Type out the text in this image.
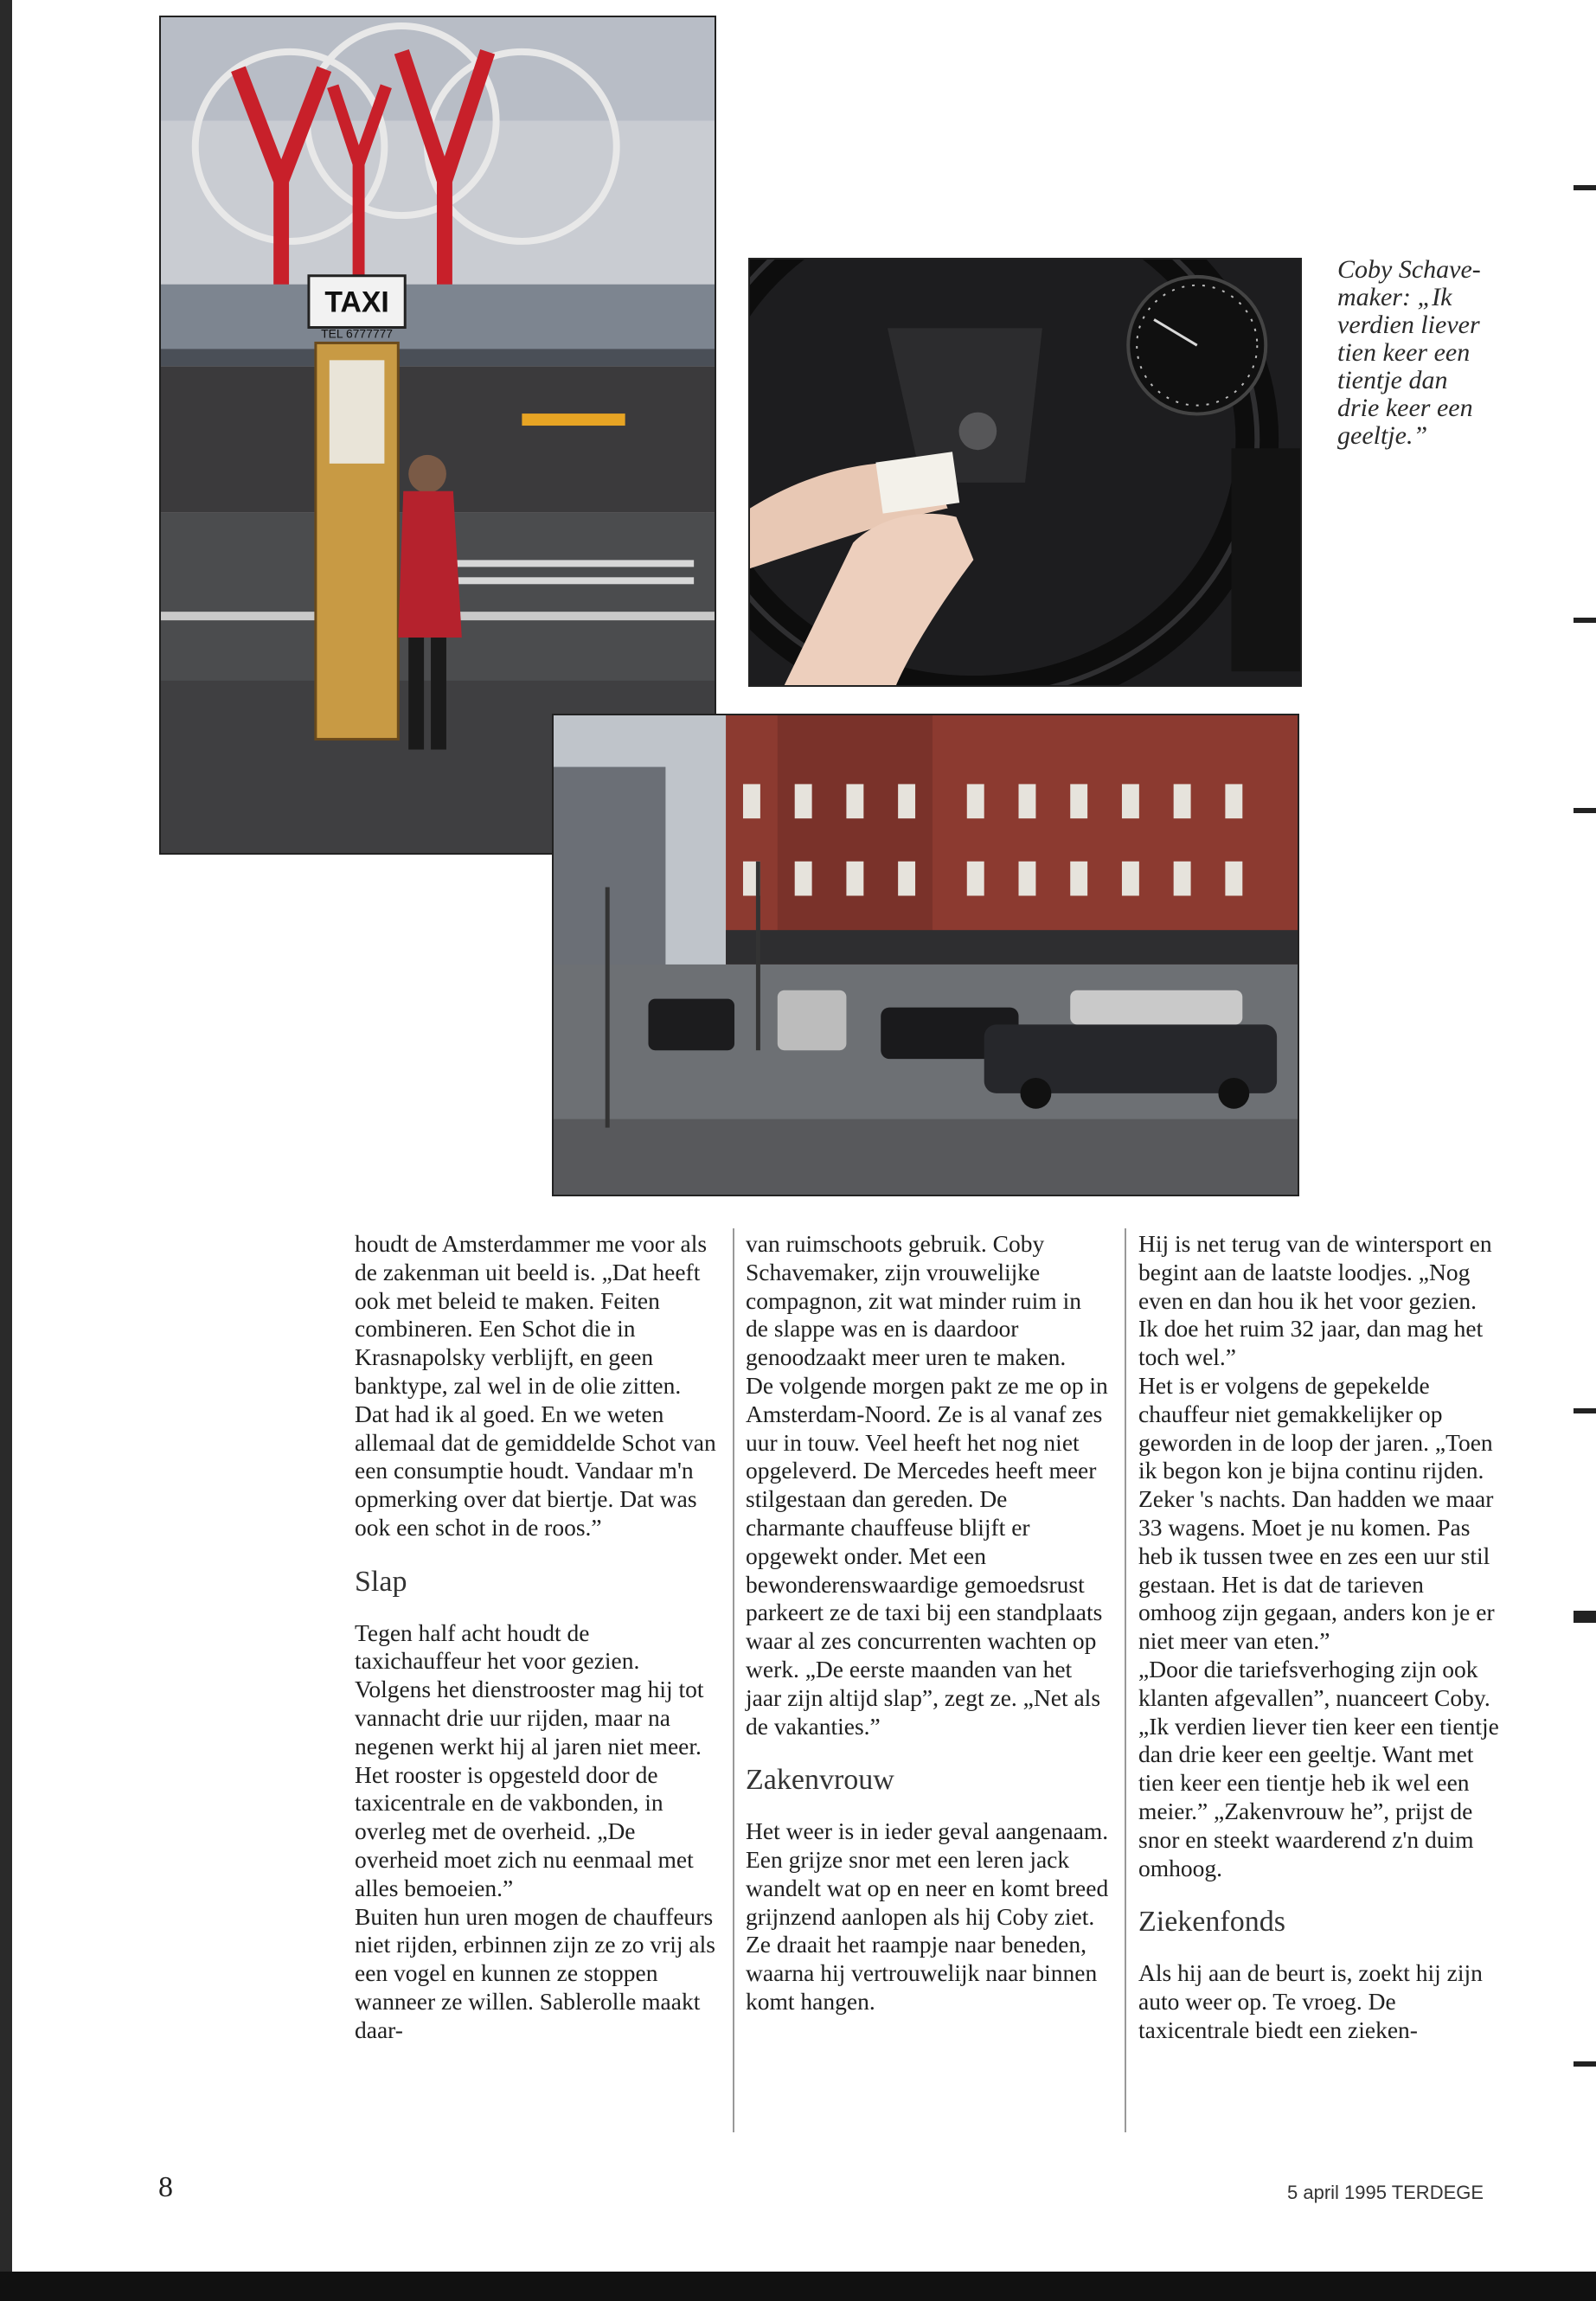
TAXI
TEL 6777777

Coby Schave-
maker: „Ik
verdien liever
tien keer een
tientje dan
drie keer een
geeltje.”

houdt de Amsterdammer me voor als de zakenman uit beeld is. „Dat heeft ook met beleid te maken. Feiten combineren. Een Schot die in Krasnapolsky verblijft, en geen banktype, zal wel in de olie zitten. Dat had ik al goed. En we weten allemaal dat de gemiddelde Schot van een consumptie houdt. Vandaar m'n opmerking over dat biertje. Dat was ook een schot in de roos.”

Slap

Tegen half acht houdt de taxichauffeur het voor gezien. Volgens het dienstrooster mag hij tot vannacht drie uur rijden, maar na negenen werkt hij al jaren niet meer. Het rooster is opgesteld door de taxicentrale en de vakbonden, in overleg met de overheid. „De overheid moet zich nu eenmaal met alles bemoeien.”

Buiten hun uren mogen de chauffeurs niet rijden, erbinnen zijn ze zo vrij als een vogel en kunnen ze stoppen wanneer ze willen. Sablerolle maakt daar-

van ruimschoots gebruik. Coby Schavemaker, zijn vrouwelijke compagnon, zit wat minder ruim in de slappe was en is daardoor genoodzaakt meer uren te maken.

De volgende morgen pakt ze me op in Amsterdam-Noord. Ze is al vanaf zes uur in touw. Veel heeft het nog niet opgeleverd. De Mercedes heeft meer stilgestaan dan gereden. De charmante chauffeuse blijft er opgewekt onder. Met een bewonderenswaardige gemoedsrust parkeert ze de taxi bij een standplaats waar al zes concurrenten wachten op werk. „De eerste maanden van het jaar zijn altijd slap”, zegt ze. „Net als de vakanties.”

Zakenvrouw

Het weer is in ieder geval aangenaam. Een grijze snor met een leren jack wandelt wat op en neer en komt breed grijnzend aanlopen als hij Coby ziet. Ze draait het raampje naar beneden, waarna hij vertrouwelijk naar binnen komt hangen.

Hij is net terug van de wintersport en begint aan de laatste loodjes. „Nog even en dan hou ik het voor gezien. Ik doe het ruim 32 jaar, dan mag het toch wel.”

Het is er volgens de gepekelde chauffeur niet gemakkelijker op geworden in de loop der jaren. „Toen ik begon kon je bijna continu rijden. Zeker 's nachts. Dan hadden we maar 33 wagens. Moet je nu komen. Pas heb ik tussen twee en zes een uur stil gestaan. Het is dat de tarieven omhoog zijn gegaan, anders kon je er niet meer van eten.”

„Door die tariefsverhoging zijn ook klanten afgevallen”, nuanceert Coby. „Ik verdien liever tien keer een tientje dan drie keer een geeltje. Want met tien keer een tientje heb ik wel een meier.” „Zakenvrouw he”, prijst de snor en steekt waarderend z'n duim omhoog.

Ziekenfonds

Als hij aan de beurt is, zoekt hij zijn auto weer op. Te vroeg. De taxicentrale biedt een zieken-

8	5 april 1995 TERDEGE
